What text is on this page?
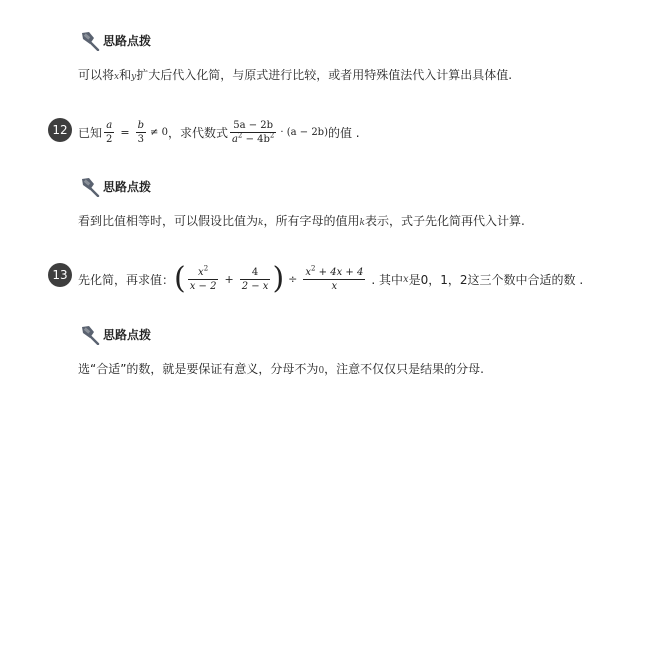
思路点拨
可以将x和y扩大后代入化简，与原式进行比较，或者用特殊值法代入计算出具体值.
12 已知 $\frac{a}{2} = \frac{b}{3} \ne 0$ ，求代数式 $\frac{5a - 2b}{a^2 - 4b^2} \cdot (a - 2b)$ 的值 .
思路点拨
看到比值相等时，可以假设比值为k，所有字母的值用k表示，式子先化简再代入计算.
13 先化简，再求值： ( $\frac{x^2}{x - 2} + \frac{4}{2 - x}$ ) ÷ $\frac{x^2 + 4x + 4}{x}$ . 其中 x 是0，1，2这三个数中合适的数 .
思路点拨
选“合适”的数，就是要保证有意义，分母不为0，注意不仅仅只是结果的分母.
